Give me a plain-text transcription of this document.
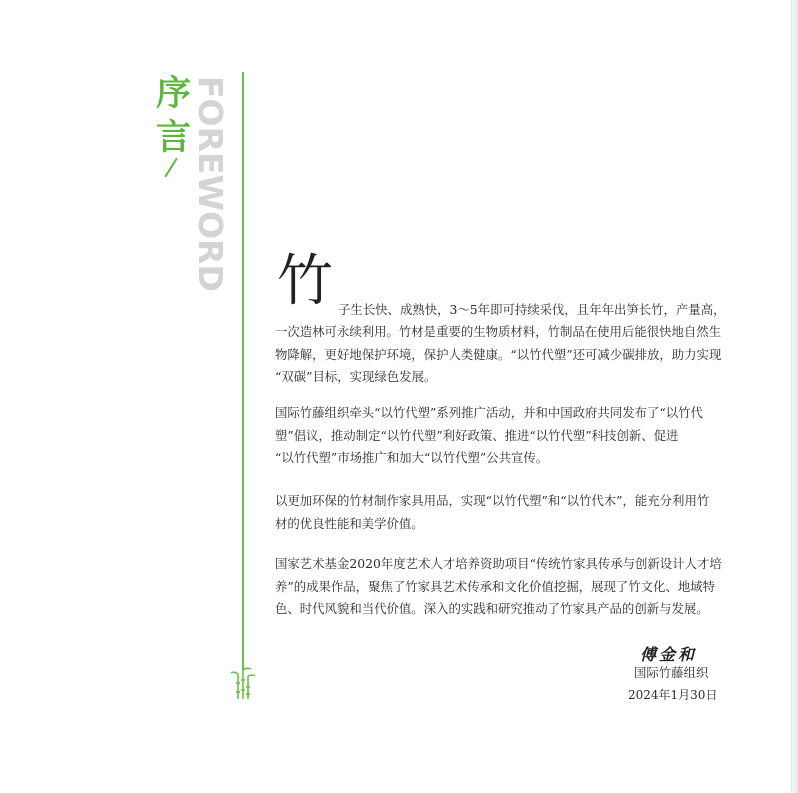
序
言 FOREWORD 竹 子生长快、成熟快，3～5年即可持续采伐，且年年出笋长竹，产量高，

一次造林可永续利用。竹材是重要的生物质材料，竹制品在使用后能很快地自然生
物降解，更好地保护环境，保护人类健康。“以竹代塑”还可减少碳排放，助力实现
“双碳”目标，实现绿色发展。

国际竹藤组织牵头“以竹代塑”系列推广活动，并和中国政府共同发布了“以竹代
塑”倡议，推动制定“以竹代塑”利好政策、推进“以竹代塑”科技创新、促进
“以竹代塑”市场推广和加大“以竹代塑”公共宣传。

以更加环保的竹材制作家具用品，实现“以竹代塑”和“以竹代木”，能充分利用竹
材的优良性能和美学价值。

国家艺术基金2020年度艺术人才培养资助项目“传统竹家具传承与创新设计人才培
养”的成果作品，聚焦了竹家具艺术传承和文化价值挖掘，展现了竹文化、地域特
色、时代风貌和当代价值。深入的实践和研究推动了竹家具产品的创新与发展。

傅金和
国际竹藤组织
2024年1月30日
